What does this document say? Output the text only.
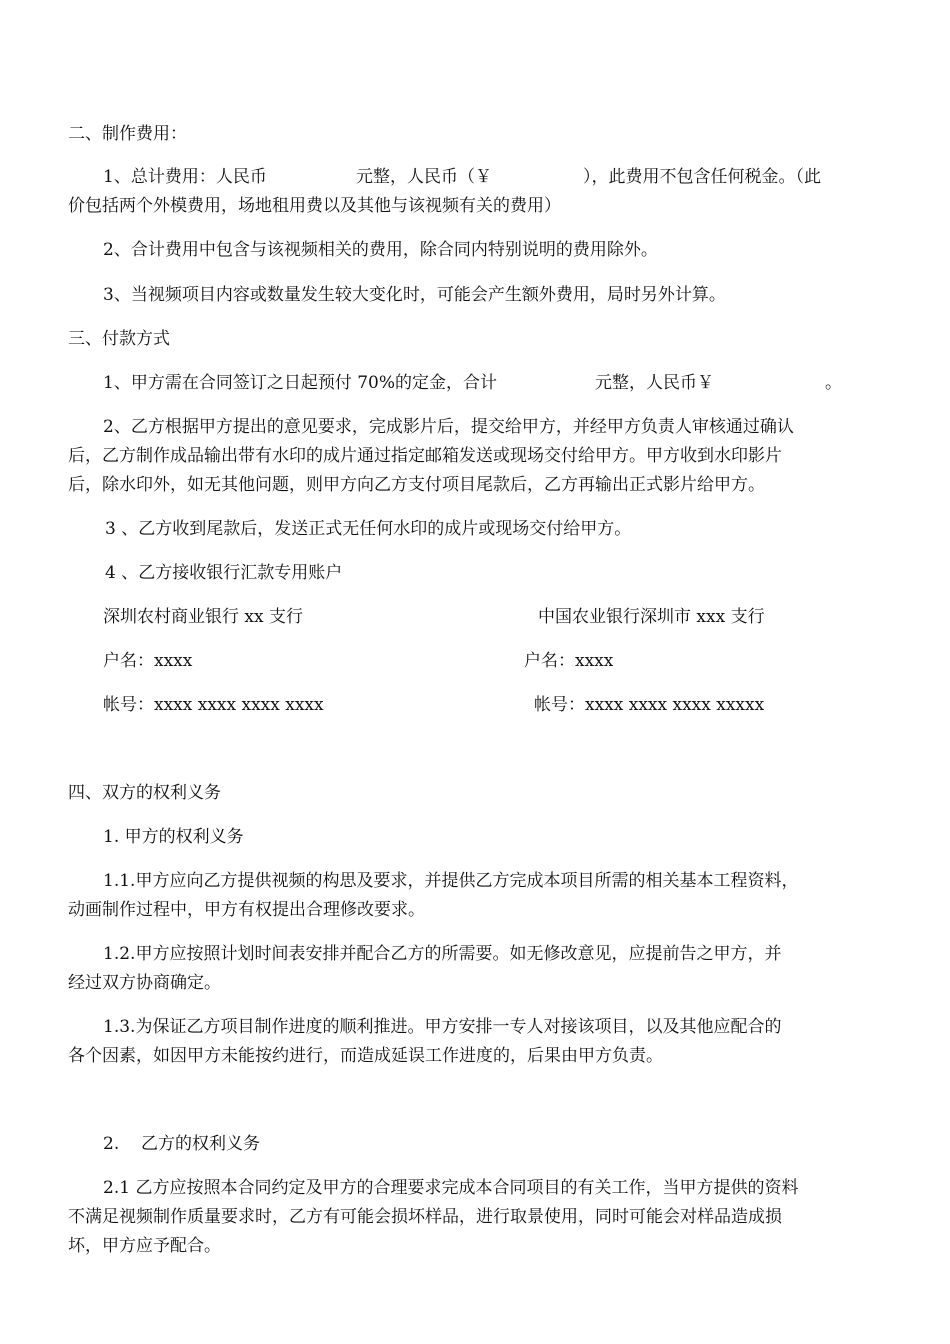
二、制作费用：
1、总计费用：人民币	元整，人民币（￥	），此费用不包含任何税金。（此
价包括两个外模费用，场地租用费以及其他与该视频有关的费用）
2、合计费用中包含与该视频相关的费用，除合同内特别说明的费用除外。
3、当视频项目内容或数量发生较大变化时，可能会产生额外费用，局时另外计算。
三、付款方式
1、甲方需在合同签订之日起预付 70%的定金，合计	元整，人民币￥	。
2、乙方根据甲方提出的意见要求，完成影片后，提交给甲方，并经甲方负责人审核通过确认
后，乙方制作成品输出带有水印的成片通过指定邮箱发送或现场交付给甲方。甲方收到水印影片
后，除水印外，如无其他问题，则甲方向乙方支付项目尾款后，乙方再输出正式影片给甲方。
3 、乙方收到尾款后，发送正式无任何水印的成片或现场交付给甲方。
4 、乙方接收银行汇款专用账户
深圳农村商业银行 xx 支行	中国农业银行深圳市 xxx 支行
户名：xxxx	户名：xxxx
帐号：xxxx xxxx xxxx xxxx	帐号：xxxx xxxx xxxx xxxxx
四、双方的权利义务
1. 甲方的权利义务
1.1.甲方应向乙方提供视频的构思及要求，并提供乙方完成本项目所需的相关基本工程资料，
动画制作过程中，甲方有权提出合理修改要求。
1.2.甲方应按照计划时间表安排并配合乙方的所需要。如无修改意见，应提前告之甲方，并
经过双方协商确定。
1.3.为保证乙方项目制作进度的顺利推进。甲方安排一专人对接该项目，以及其他应配合的
各个因素，如因甲方未能按约进行，而造成延误工作进度的，后果由甲方负责。
2. 乙方的权利义务
2.1 乙方应按照本合同约定及甲方的合理要求完成本合同项目的有关工作，当甲方提供的资料
不满足视频制作质量要求时，乙方有可能会损坏样品，进行取景使用，同时可能会对样品造成损
坏，甲方应予配合。
